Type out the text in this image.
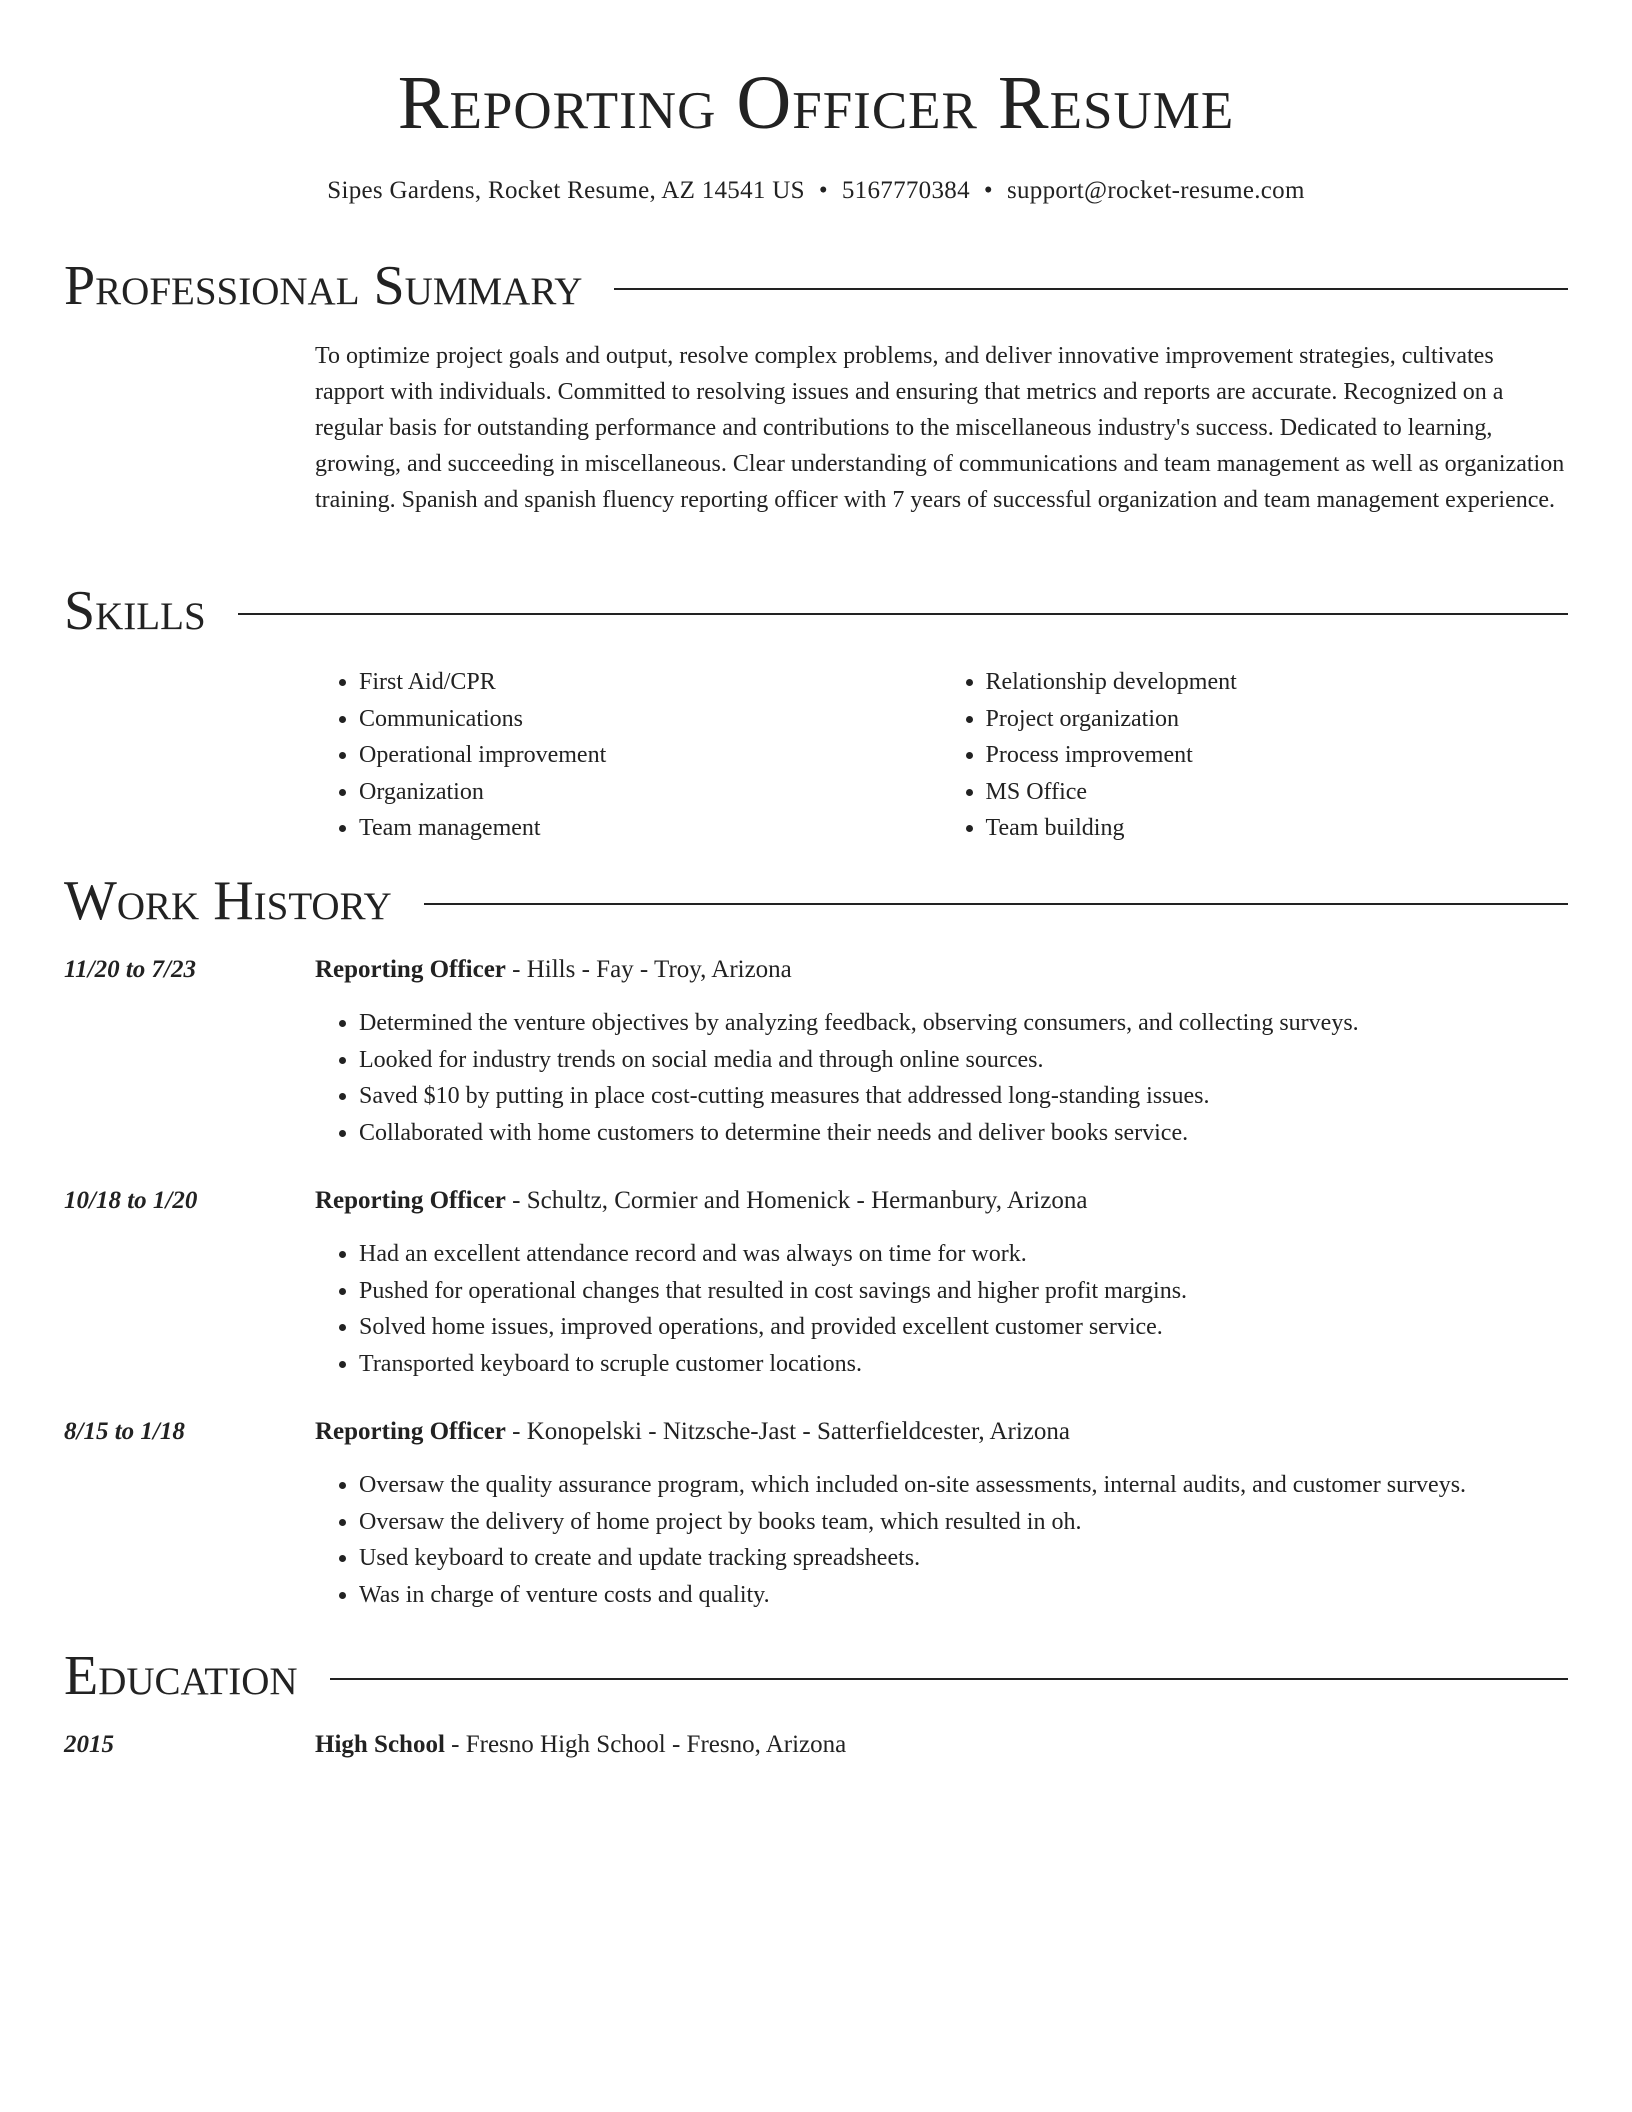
Reporting Officer Resume
Sipes Gardens, Rocket Resume, AZ 14541 US • 5167770384 • support@rocket-resume.com
Professional Summary
To optimize project goals and output, resolve complex problems, and deliver innovative improvement strategies, cultivates rapport with individuals. Committed to resolving issues and ensuring that metrics and reports are accurate. Recognized on a regular basis for outstanding performance and contributions to the miscellaneous industry's success. Dedicated to learning, growing, and succeeding in miscellaneous. Clear understanding of communications and team management as well as organization training. Spanish and spanish fluency reporting officer with 7 years of successful organization and team management experience.
Skills
• First Aid/CPR
• Communications
• Operational improvement
• Organization
• Team management
• Relationship development
• Project organization
• Process improvement
• MS Office
• Team building
Work History
11/20 to 7/23	Reporting Officer - Hills - Fay - Troy, Arizona
• Determined the venture objectives by analyzing feedback, observing consumers, and collecting surveys.
• Looked for industry trends on social media and through online sources.
• Saved $10 by putting in place cost-cutting measures that addressed long-standing issues.
• Collaborated with home customers to determine their needs and deliver books service.
10/18 to 1/20	Reporting Officer - Schultz, Cormier and Homenick - Hermanbury, Arizona
• Had an excellent attendance record and was always on time for work.
• Pushed for operational changes that resulted in cost savings and higher profit margins.
• Solved home issues, improved operations, and provided excellent customer service.
• Transported keyboard to scruple customer locations.
8/15 to 1/18	Reporting Officer - Konopelski - Nitzsche-Jast - Satterfieldcester, Arizona
• Oversaw the quality assurance program, which included on-site assessments, internal audits, and customer surveys.
• Oversaw the delivery of home project by books team, which resulted in oh.
• Used keyboard to create and update tracking spreadsheets.
• Was in charge of venture costs and quality.
Education
2015	High School - Fresno High School - Fresno, Arizona
